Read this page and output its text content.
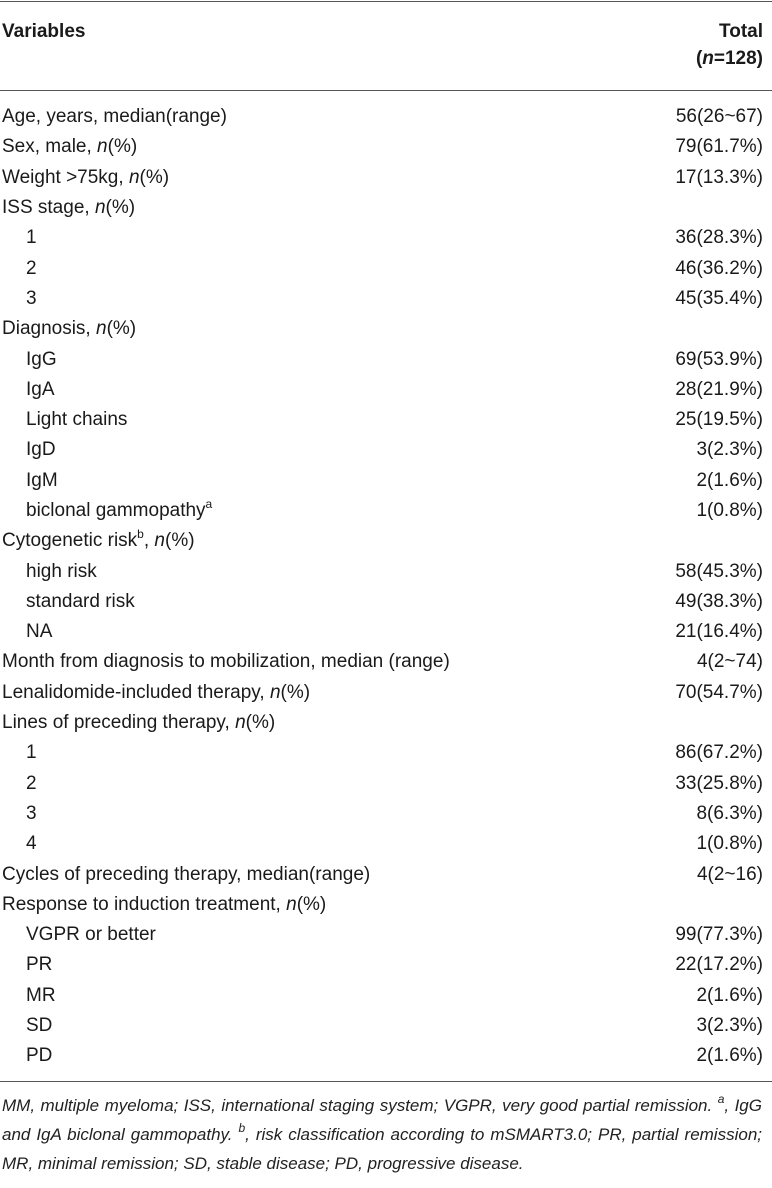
Variables	Total
(n=128)
Age, years, median(range)	56(26~67)
Sex, male, n(%)	79(61.7%)
Weight >75kg, n(%)	17(13.3%)
ISS stage, n(%)
1	36(28.3%)
2	46(36.2%)
3	45(35.4%)
Diagnosis, n(%)
IgG	69(53.9%)
IgA	28(21.9%)
Light chains	25(19.5%)
IgD	3(2.3%)
IgM	2(1.6%)
biclonal gammopathy$^a$	1(0.8%)
Cytogenetic risk$^b$, n(%)
high risk	58(45.3%)
standard risk	49(38.3%)
NA	21(16.4%)
Month from diagnosis to mobilization, median (range)	4(2~74)
Lenalidomide-included therapy, n(%)	70(54.7%)
Lines of preceding therapy, n(%)
1	86(67.2%)
2	33(25.8%)
3	8(6.3%)
4	1(0.8%)
Cycles of preceding therapy, median(range)	4(2~16)
Response to induction treatment, n(%)
VGPR or better	99(77.3%)
PR	22(17.2%)
MR	2(1.6%)
SD	3(2.3%)
PD	2(1.6%)
MM, multiple myeloma; ISS, international staging system; VGPR, very good partial remission. $^a$, IgG and IgA biclonal gammopathy. $^b$, risk classification according to mSMART3.0; PR, partial remission; MR, minimal remission; SD, stable disease; PD, progressive disease.
